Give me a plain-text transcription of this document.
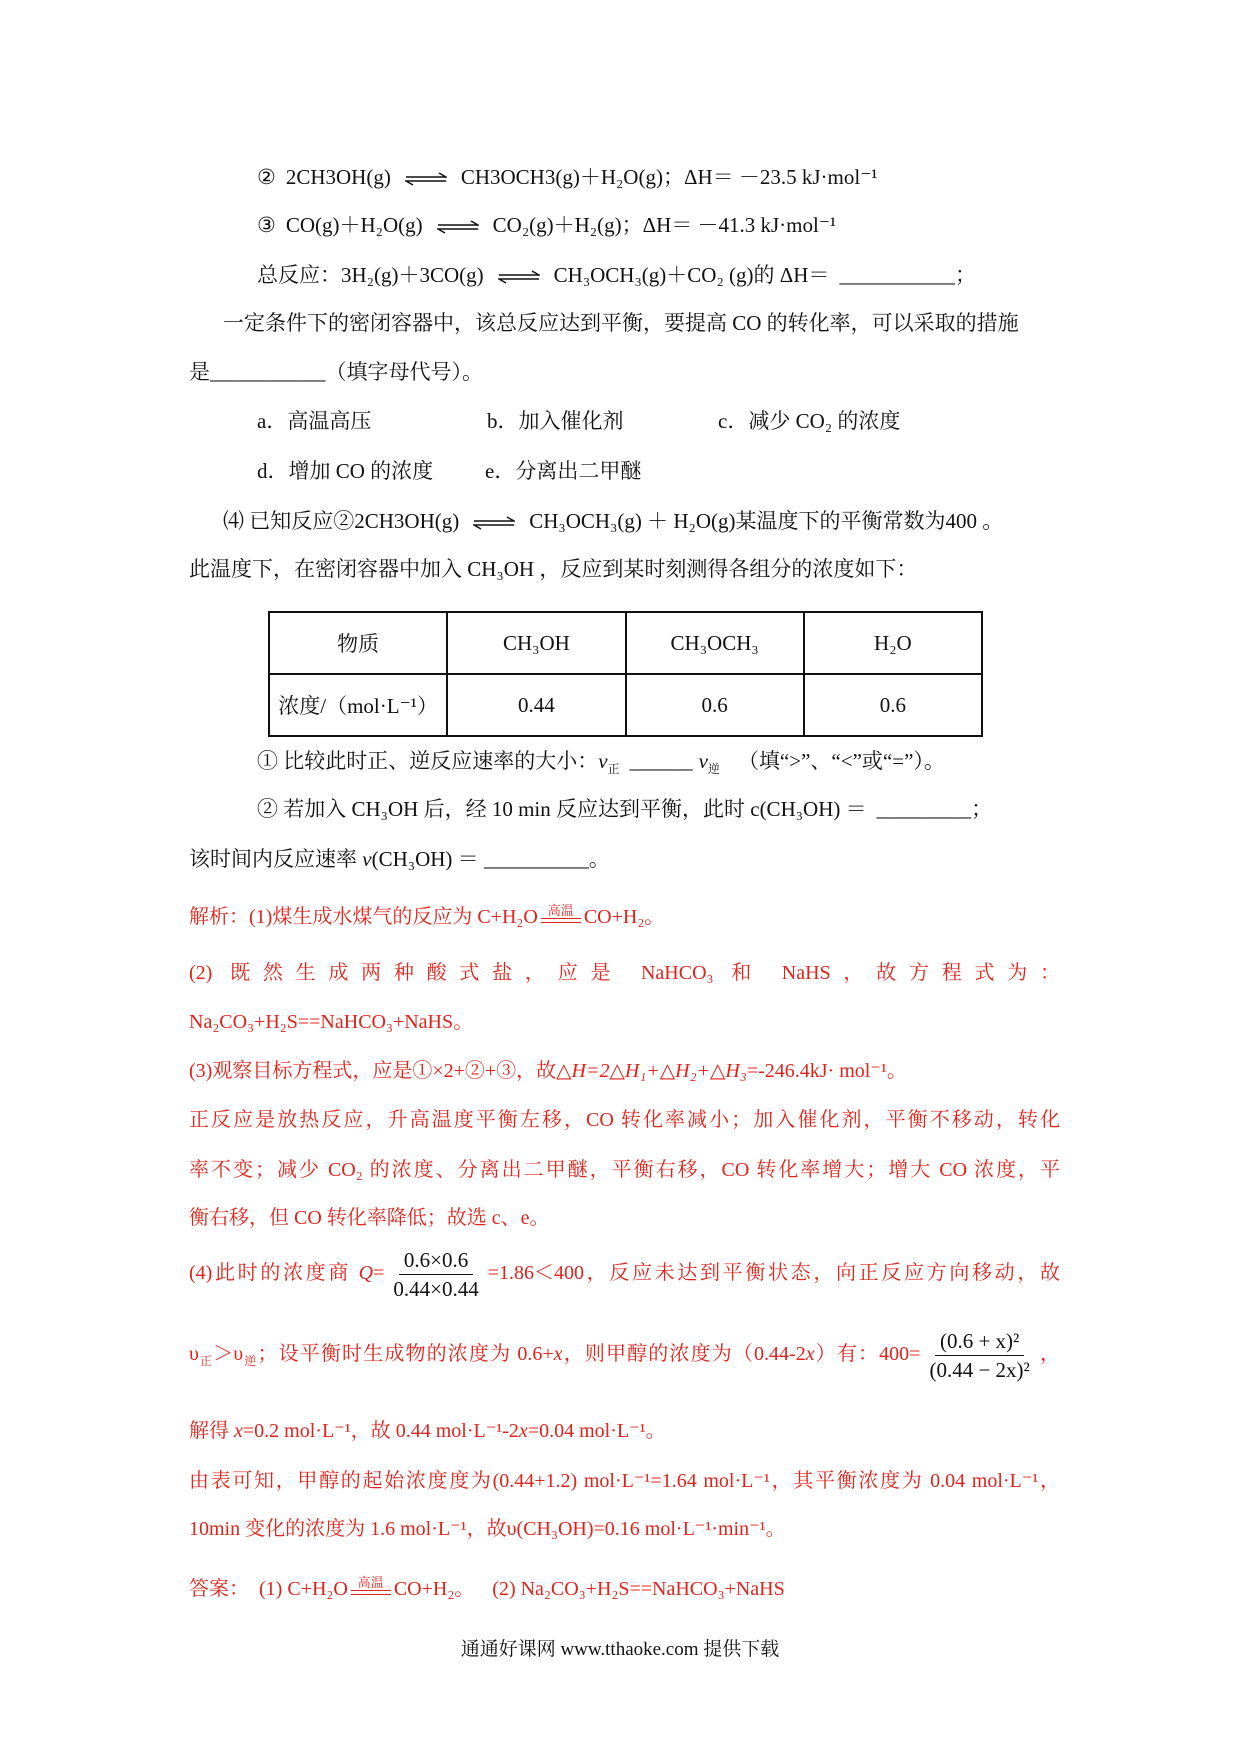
② 2CH3OH(g) ⇌ CH3OCH3(g)＋H₂O(g)；ΔH＝ －23.5 kJ·mol⁻¹
③ CO(g)＋H₂O(g) ⇌ CO₂(g)＋H₂(g)；ΔH＝ －41.3 kJ·mol⁻¹
总反应：3H₂(g)＋3CO(g) ⇌ CH₃OCH₃(g)＋CO₂ (g)的 ΔH＝ ___________；
一定条件下的密闭容器中，该总反应达到平衡，要提高 CO 的转化率，可以采取的措施
是___________（填字母代号）。
a．高温高压	b．加入催化剂	c．减少 CO₂ 的浓度
d．增加 CO 的浓度 e．分离出二甲醚
⑷ 已知反应②2CH3OH(g) ⇌ CH₃OCH₃(g) ＋ H₂O(g)某温度下的平衡常数为400 。
此温度下，在密闭容器中加入 CH₃OH ，反应到某时刻测得各组分的浓度如下：
物质	CH₃OH	CH₃OCH₃	H₂O
浓度/（mol·L⁻¹）	0.44	0.6	0.6
① 比较此时正、逆反应速率的大小：$v_正$ ______ $v_逆$ （填“>”、“<”或“=”）。
② 若加入 CH₃OH 后，经 10 min 反应达到平衡，此时 c(CH₃OH) ＝ _________；
该时间内反应速率 v(CH₃OH) ＝ __________。
解析：(1)煤生成水煤气的反应为 C+H₂O 高温 CO+H₂。
(2) 既然生成两种酸式盐，应是 NaHCO₃ 和 NaHS，故方程式为：
Na₂CO₃+H₂S==NaHCO₃+NaHS。
(3)观察目标方程式，应是①×2+②+③，故△H=2△H₁+△H₂+△H₃=-246.4kJ· mol⁻¹。
正反应是放热反应，升高温度平衡左移，CO 转化率减小；加入催化剂，平衡不移动，转化
率不变；减少 CO₂ 的浓度、分离出二甲醚，平衡右移，CO 转化率增大；增大 CO 浓度，平
衡右移，但 CO 转化率降低；故选 c、e。
(4)此时的浓度商 $Q= \frac{0.6\times 0.6}{0.44\times 0.44} =1.86<400$，反应未达到平衡状态，向正反应方向移动，故
$\upsilon_正>\upsilon_逆$；设平衡时生成物的浓度为 0.6+x，则甲醇的浓度为（0.44-2x）有：$400= \frac{\text{(0.6 + x)²}}{\text{(0.44 − 2x)²}}$ ，
解得 x=0.2 mol·L⁻¹，故 0.44 mol·L⁻¹-2x=0.04 mol·L⁻¹。
由表可知，甲醇的起始浓度度为(0.44+1.2) mol·L⁻¹=1.64 mol·L⁻¹，其平衡浓度为 0.04 mol·L⁻¹，
10min 变化的浓度为 1.6 mol·L⁻¹，故υ(CH₃OH)=0.16 mol·L⁻¹·min⁻¹。
答案： (1) C+H₂O 高温 CO+H₂。 (2) Na₂CO₃+H₂S==NaHCO₃+NaHS
通通好课网 www.tthaoke.com 提供下载
